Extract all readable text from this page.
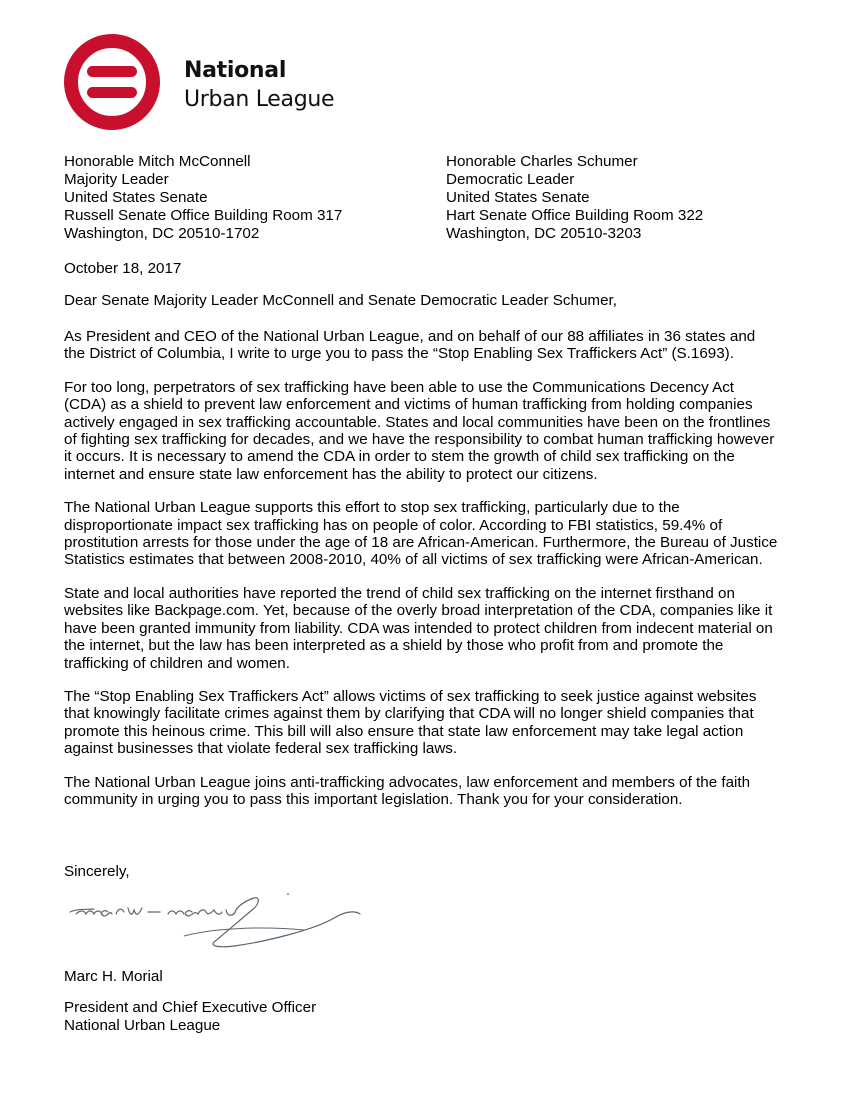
National
Urban League
Honorable Mitch McConnell
Majority Leader
United States Senate
Russell Senate Office Building Room 317
Washington, DC 20510-1702
Honorable Charles Schumer
Democratic Leader
United States Senate
Hart Senate Office Building Room 322
Washington, DC 20510-3203
October 18, 2017
Dear Senate Majority Leader McConnell and Senate Democratic Leader Schumer,

As President and CEO of the National Urban League, and on behalf of our 88 affiliates in 36 states and the District of Columbia, I write to urge you to pass the “Stop Enabling Sex Traffickers Act” (S.1693).

For too long, perpetrators of sex trafficking have been able to use the Communications Decency Act (CDA) as a shield to prevent law enforcement and victims of human trafficking from holding companies actively engaged in sex trafficking accountable. States and local communities have been on the frontlines of fighting sex trafficking for decades, and we have the responsibility to combat human trafficking however it occurs. It is necessary to amend the CDA in order to stem the growth of child sex trafficking on the internet and ensure state law enforcement has the ability to protect our citizens.

The National Urban League supports this effort to stop sex trafficking, particularly due to the disproportionate impact sex trafficking has on people of color. According to FBI statistics, 59.4% of prostitution arrests for those under the age of 18 are African-American. Furthermore, the Bureau of Justice Statistics estimates that between 2008-2010, 40% of all victims of sex trafficking were African-American.

State and local authorities have reported the trend of child sex trafficking on the internet firsthand on websites like Backpage.com. Yet, because of the overly broad interpretation of the CDA, companies like it have been granted immunity from liability. CDA was intended to protect children from indecent material on the internet, but the law has been interpreted as a shield by those who profit from and promote the trafficking of children and women.

The “Stop Enabling Sex Traffickers Act” allows victims of sex trafficking to seek justice against websites that knowingly facilitate crimes against them by clarifying that CDA will no longer shield companies that promote this heinous crime. This bill will also ensure that state law enforcement may take legal action against businesses that violate federal sex trafficking laws.

The National Urban League joins anti-trafficking advocates, law enforcement and members of the faith community in urging you to pass this important legislation. Thank you for your consideration.

Sincerely,
Marc H. Morial
President and Chief Executive Officer
National Urban League
